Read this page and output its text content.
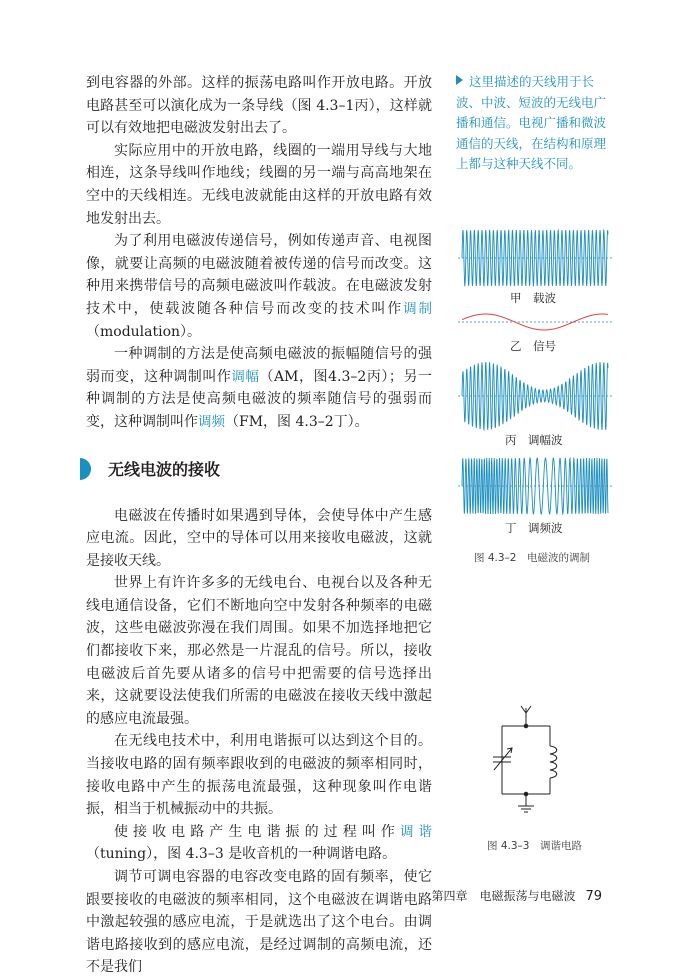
到电容器的外部。这样的振荡电路叫作开放电路。开放电路甚至可以演化成为一条导线（图 4.3–1丙），这样就可以有效地把电磁波发射出去了。

实际应用中的开放电路，线圈的一端用导线与大地相连，这条导线叫作地线；线圈的另一端与高高地架在空中的天线相连。无线电波就能由这样的开放电路有效地发射出去。

为了利用电磁波传递信号，例如传递声音、电视图像，就要让高频的电磁波随着被传递的信号而改变。这种用来携带信号的高频电磁波叫作载波。在电磁波发射技术中，使载波随各种信号而改变的技术叫作调制（modulation）。

一种调制的方法是使高频电磁波的振幅随信号的强弱而变，这种调制叫作调幅（AM，图4.3–2丙）；另一种调制的方法是使高频电磁波的频率随信号的强弱而变，这种调制叫作调频（FM，图 4.3–2丁）。

无线电波的接收

电磁波在传播时如果遇到导体，会使导体中产生感应电流。因此，空中的导体可以用来接收电磁波，这就是接收天线。

世界上有许许多多的无线电台、电视台以及各种无线电通信设备，它们不断地向空中发射各种频率的电磁波，这些电磁波弥漫在我们周围。如果不加选择地把它们都接收下来，那必然是一片混乱的信号。所以，接收电磁波后首先要从诸多的信号中把需要的信号选择出来，这就要设法使我们所需的电磁波在接收天线中激起的感应电流最强。

在无线电技术中，利用电谐振可以达到这个目的。当接收电路的固有频率跟收到的电磁波的频率相同时，接收电路中产生的振荡电流最强，这种现象叫作电谐振，相当于机械振动中的共振。

使接收电路产生电谐振的过程叫作调谐（tuning），图 4.3–3 是收音机的一种调谐电路。

调节可调电容器的电容改变电路的固有频率，使它跟要接收的电磁波的频率相同，这个电磁波在调谐电路中激起较强的感应电流，于是就选出了这个电台。由调谐电路接收到的感应电流，是经过调制的高频电流，还不是我们

这里描述的天线用于长波、中波、短波的无线电广播和通信。电视广播和微波通信的天线，在结构和原理上都与这种天线不同。

甲　载波
乙　信号
丙　调幅波
丁　调频波
图 4.3–2　电磁波的调制
图 4.3–3　调谐电路
第四章　电磁振荡与电磁波 79
